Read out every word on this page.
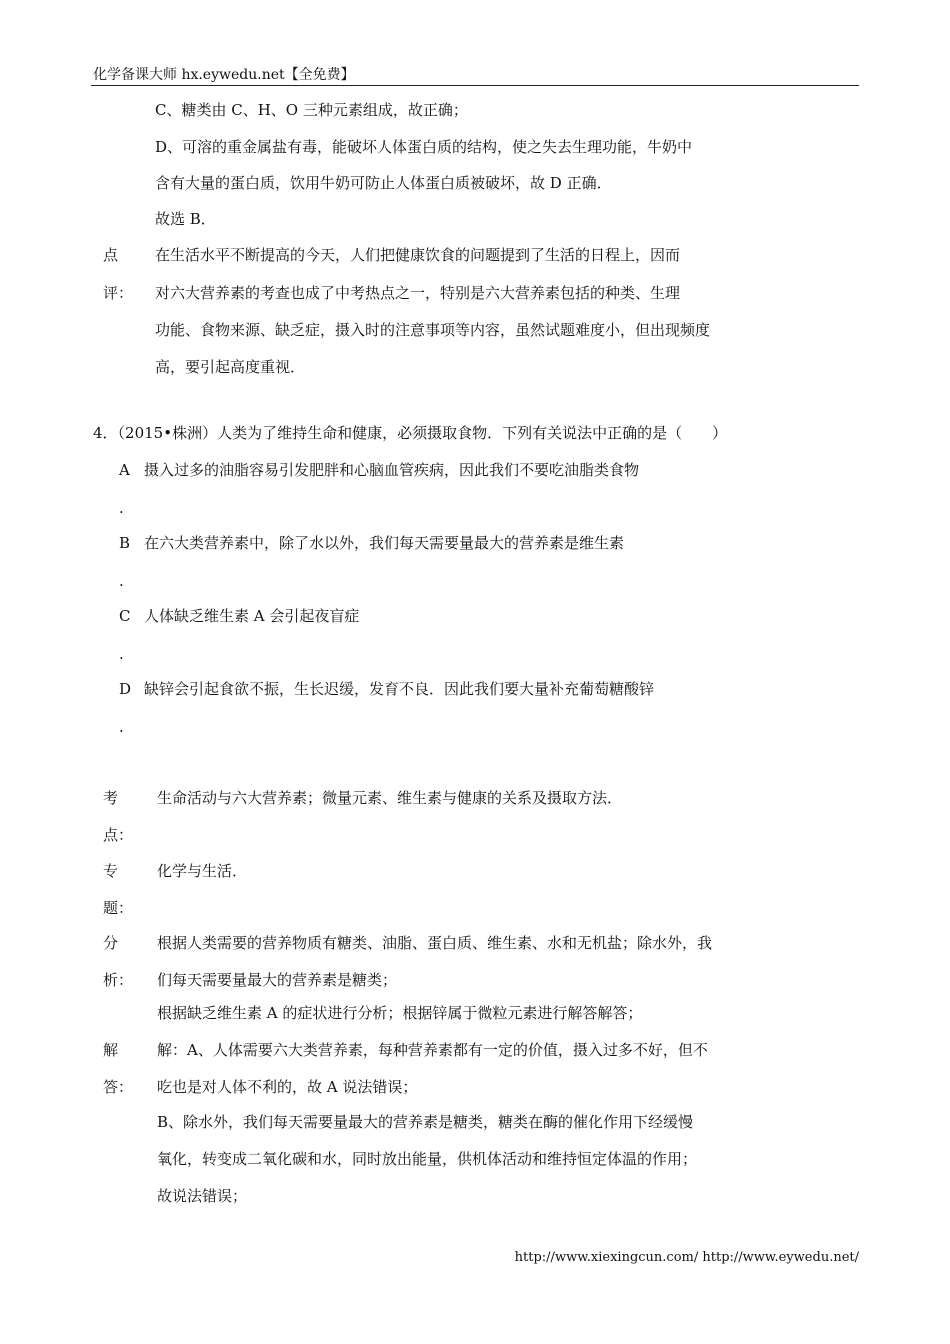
化学备课大师 hx.eywedu.net【全免费】
C、糖类由 C、H、O 三种元素组成，故正确；
D、可溶的重金属盐有毒，能破坏人体蛋白质的结构，使之失去生理功能，牛奶中
含有大量的蛋白质，饮用牛奶可防止人体蛋白质被破坏，故 D 正确．
故选 B．
点
评：
在生活水平不断提高的今天，人们把健康饮食的问题提到了生活的日程上，因而
对六大营养素的考查也成了中考热点之一，特别是六大营养素包括的种类、生理
功能、食物来源、缺乏症，摄入时的注意事项等内容，虽然试题难度小，但出现频度
高，要引起高度重视．
4．（2015•株洲）人类为了维持生命和健康，必须摄取食物．下列有关说法中正确的是（　　）
A 摄入过多的油脂容易引发肥胖和心脑血管疾病，因此我们不要吃油脂类食物
.
B 在六大类营养素中，除了水以外，我们每天需要量最大的营养素是维生素
.
C 人体缺乏维生素 A 会引起夜盲症
.
D 缺锌会引起食欲不振，生长迟缓，发育不良．因此我们要大量补充葡萄糖酸锌
.
考
点：
生命活动与六大营养素；微量元素、维生素与健康的关系及摄取方法．
专
题：
化学与生活．
分
析：
根据人类需要的营养物质有糖类、油脂、蛋白质、维生素、水和无机盐；除水外，我
们每天需要量最大的营养素是糖类；
根据缺乏维生素 A 的症状进行分析；根据锌属于微粒元素进行解答解答；
解
答：
解：A、人体需要六大类营养素，每种营养素都有一定的价值，摄入过多不好，但不
吃也是对人体不利的，故 A 说法错误；
B、除水外，我们每天需要量最大的营养素是糖类，糖类在酶的催化作用下经缓慢
氧化，转变成二氧化碳和水，同时放出能量，供机体活动和维持恒定体温的作用；
故说法错误；
http://www.xiexingcun.com/ http://www.eywedu.net/
